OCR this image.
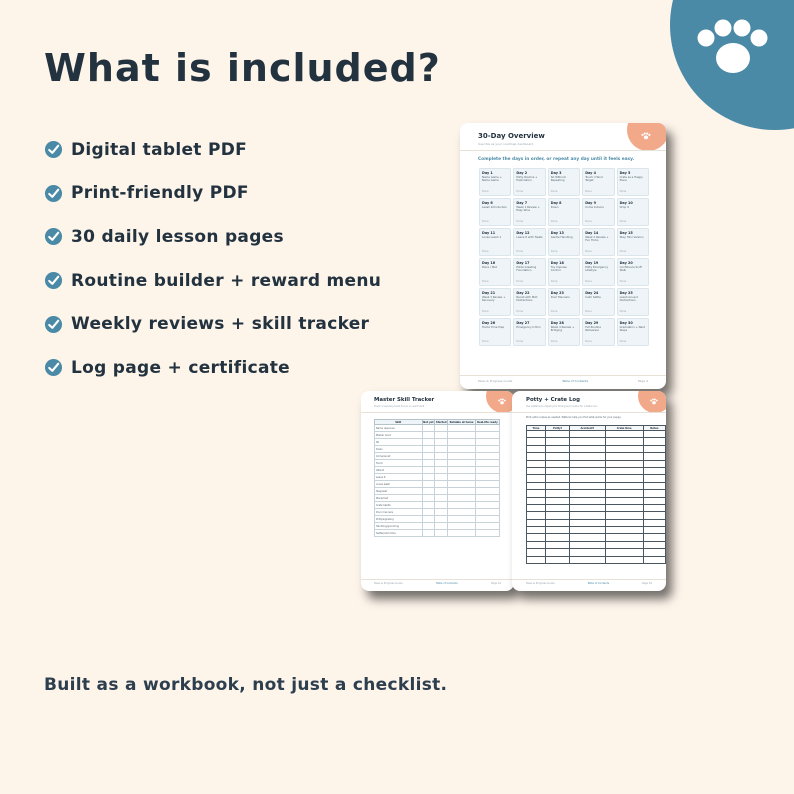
What is included?
Digital tablet PDF
Print-friendly PDF
30 daily lesson pages
Routine builder + reward menu
Weekly reviews + skill tracker
Log page + certificate
30-Day Overview
Use this as your roadmap dashboard
Complete the days in order, or repeat any day until it feels easy.
Day 1
Name Game + Name Game
Done
Day 2
Potty Routine + Exploration
Done
Day 3
Sit Without Repeating
Done
Day 4
Touch / Hand Target
Done
Day 5
Crate as a Happy Place
Done
Day 6
Leash Introduction
Done
Day 7
Week 1 Review + Easy Wins
Done
Day 8
Down
Done
Day 9
Come Indoors
Done
Day 10
Drop It
Done
Day 11
Loose Leash 1
Done
Day 12
Leave It with Treats
Done
Day 13
Gentle Handling
Done
Day 14
Week 2 Review + Fun Tricks
Done
Day 15
Stay: Mini Version
Done
Day 16
Place / Mat
Done
Day 17
Polite Greeting Foundation
Done
Day 18
Toy Impulse Control
Done
Day 19
Potty Emergency Lifestyle
Done
Day 20
Confidence Sniff Walk
Done
Day 21
Week 3 Review + Recovery
Done
Day 22
Recall with Mild Distractions
Done
Day 23
Door Manners
Done
Day 24
Calm Settle
Done
Day 25
Leash Around Distractions
Done
Day 26
Home Time Prep
Done
Day 27
Emergency U-Turn
Done
Day 28
Week 4 Review + Bridging
Done
Day 29
Full Routine Rehearsal
Done
Day 30
Graduation + Next Steps
Done
Paws & Progress Guide	Table of Contents	Page 4
Master Skill Tracker
Track a level-by-level focus on each skill
Skill	Not yet	Started	Reliable at home	Real-life ready
Name response				
Marker word				
Sit				
Down				
Come/recall				
Touch				
Attend				
Leave it				
Loose leash				
Stay/wait				
Place/mat				
Crate habits				
Door manners				
Potty/signaling				
Handling/grooming				
Settle/calm time				
Paws & Progress Guide	Table of Contents	Page 44
Potty + Crate Log
Use patterns to adjust your timing and routine for a faster win
Print extra copies as needed. Patterns help you find what works for your puppy.
Time	Potty?	Accident?	Crate time	Notes

Paws & Progress Guide	Table of Contents	Page 45
Built as a workbook, not just a checklist.
